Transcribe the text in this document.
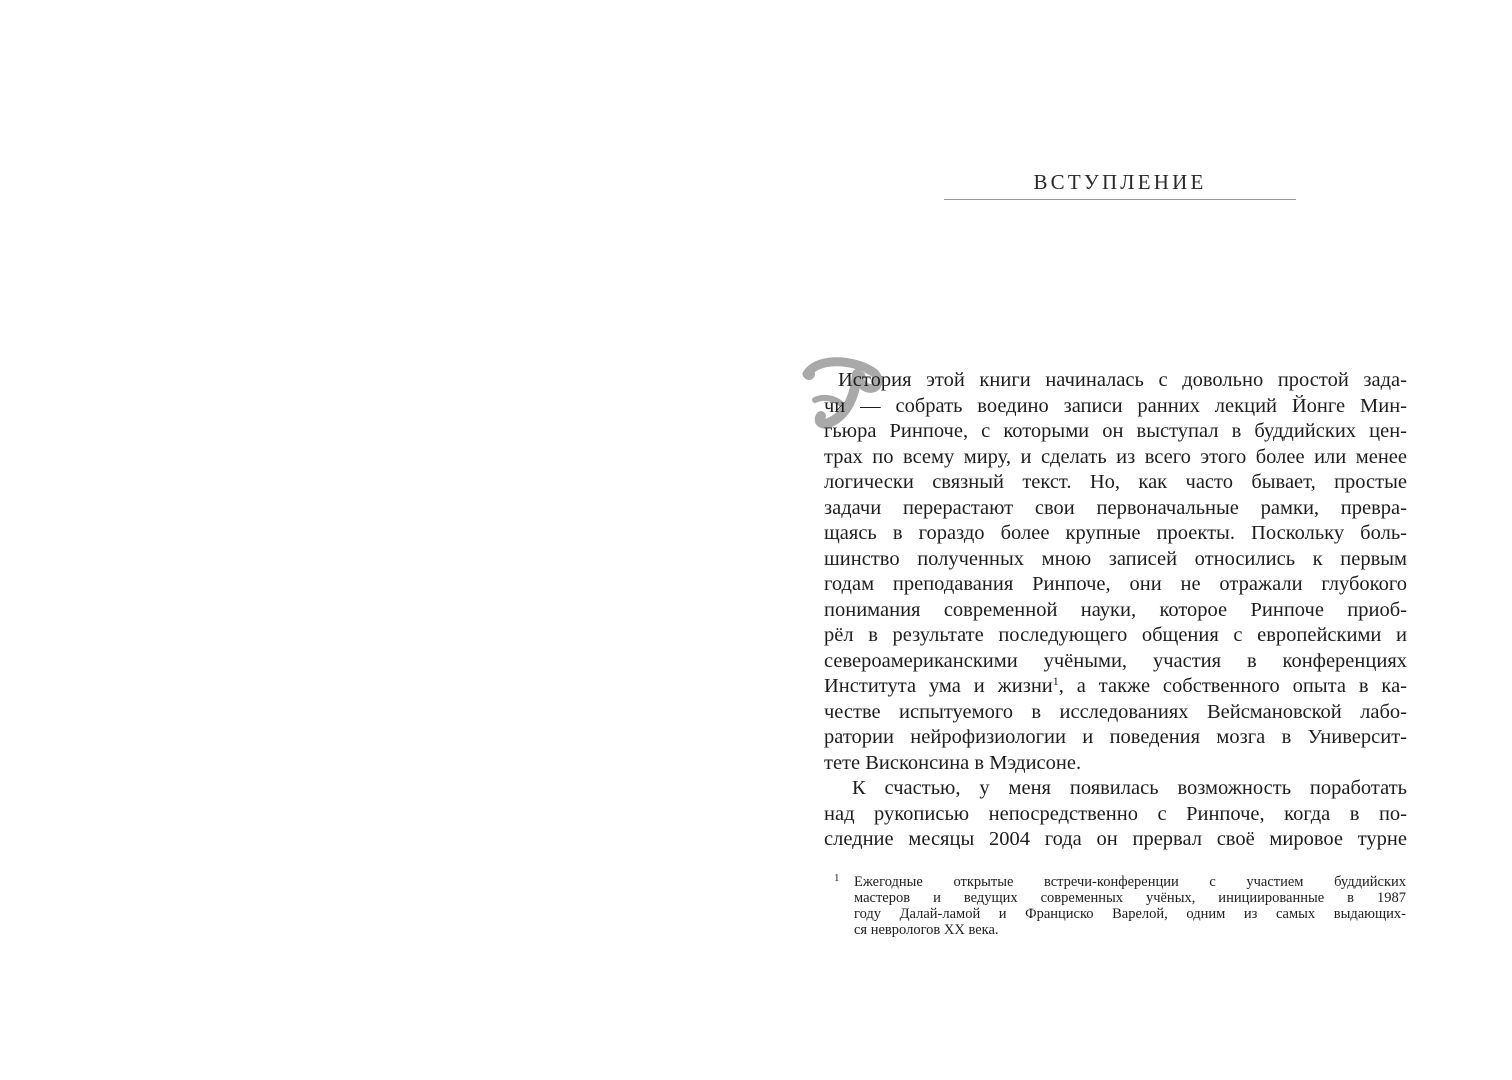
ВСТУПЛЕНИЕ
История этой книги начиналась с довольно простой зада-
чи — собрать воедино записи ранних лекций Йонге Мин-
гьюра Ринпоче, с которыми он выступал в буддийских цен-
трах по всему миру, и сделать из всего этого более или менее
логически связный текст. Но, как часто бывает, простые
задачи перерастают свои первоначальные рамки, превра-
щаясь в гораздо более крупные проекты. Поскольку боль-
шинство полученных мною записей относились к первым
годам преподавания Ринпоче, они не отражали глубокого
понимания современной науки, которое Ринпоче приоб-
рёл в результате последующего общения с европейскими и
североамериканскими учёными, участия в конференциях
Института ума и жизни$^1$, а также собственного опыта в ка-
честве испытуемого в исследованиях Вейсмановской лабо-
ратории нейрофизиологии и поведения мозга в Университ-
тете Висконсина в Мэдисоне.
К счастью, у меня появилась возможность поработать
над рукописью непосредственно с Ринпоче, когда в по-
следние месяцы 2004 года он прервал своё мировое турне
1 Ежегодные открытые встречи-конференции с участием буддийских
мастеров и ведущих современных учёных, инициированные в 1987
году Далай-ламой и Франциско Варелой, одним из самых выдающих-
ся неврологов XX века.
